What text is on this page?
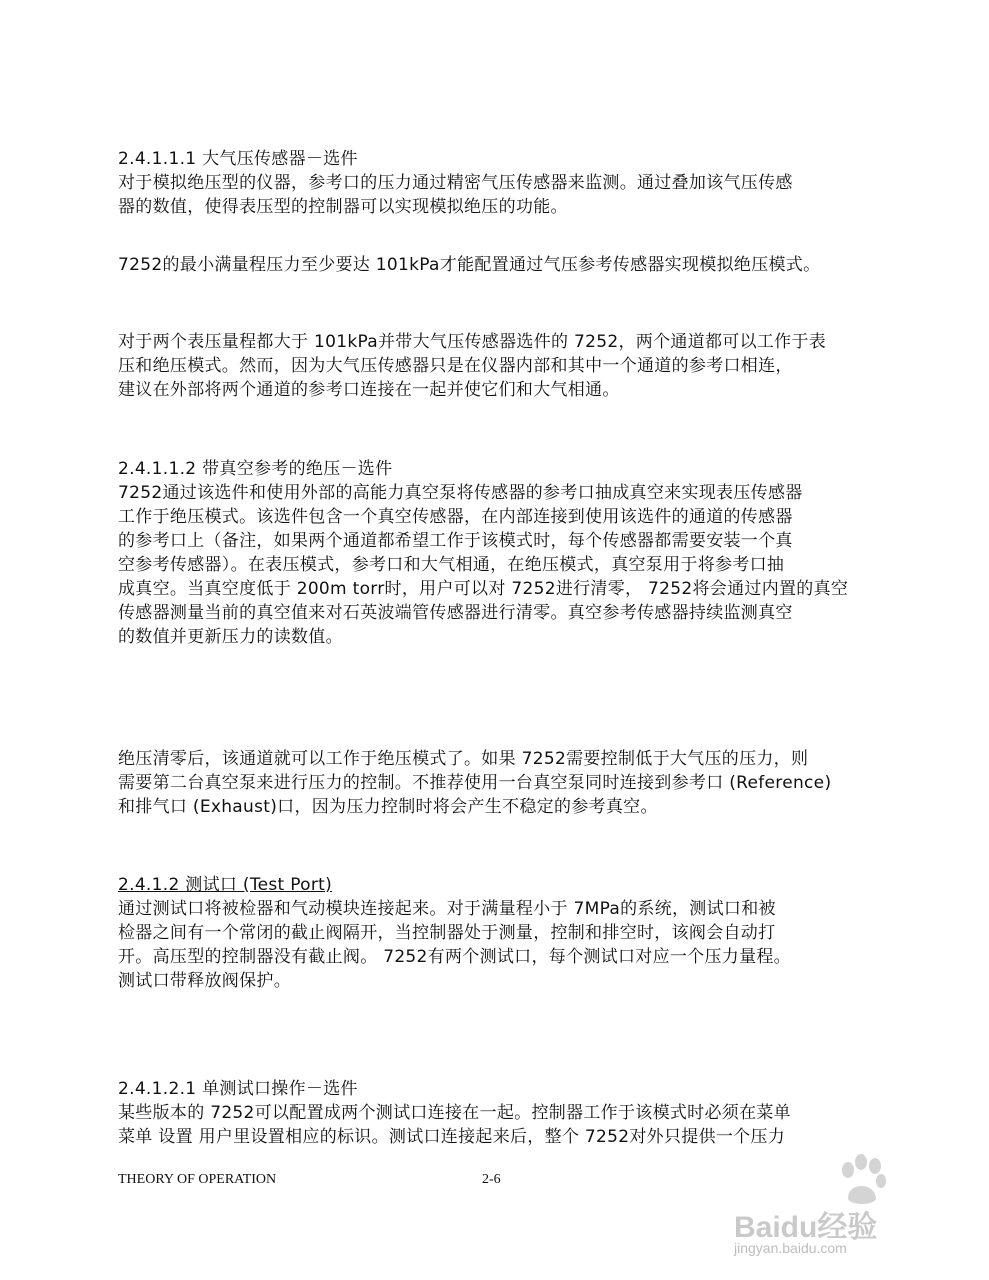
2.4.1.1.1 大气压传感器－选件
对于模拟绝压型的仪器，参考口的压力通过精密气压传感器来监测。通过叠加该气压传感
器的数值，使得表压型的控制器可以实现模拟绝压的功能。
7252的最小满量程压力至少要达 101kPa才能配置通过气压参考传感器实现模拟绝压模式。
对于两个表压量程都大于 101kPa并带大气压传感器选件的 7252，两个通道都可以工作于表
压和绝压模式。然而，因为大气压传感器只是在仪器内部和其中一个通道的参考口相连，
建议在外部将两个通道的参考口连接在一起并使它们和大气相通。
2.4.1.1.2 带真空参考的绝压－选件
7252通过该选件和使用外部的高能力真空泵将传感器的参考口抽成真空来实现表压传感器
工作于绝压模式。该选件包含一个真空传感器，在内部连接到使用该选件的通道的传感器
的参考口上（备注，如果两个通道都希望工作于该模式时，每个传感器都需要安装一个真
空参考传感器）。在表压模式，参考口和大气相通，在绝压模式，真空泵用于将参考口抽
成真空。当真空度低于 200m torr时，用户可以对 7252进行清零， 7252将会通过内置的真空
传感器测量当前的真空值来对石英波端管传感器进行清零。真空参考传感器持续监测真空
的数值并更新压力的读数值。
绝压清零后，该通道就可以工作于绝压模式了。如果 7252需要控制低于大气压的压力，则
需要第二台真空泵来进行压力的控制。不推荐使用一台真空泵同时连接到参考口 (Reference)
和排气口 (Exhaust)口，因为压力控制时将会产生不稳定的参考真空。
2.4.1.2 测试口 (Test Port)
通过测试口将被检器和气动模块连接起来。对于满量程小于 7MPa的系统，测试口和被
检器之间有一个常闭的截止阀隔开，当控制器处于测量，控制和排空时，该阀会自动打
开。高压型的控制器没有截止阀。 7252有两个测试口，每个测试口对应一个压力量程。
测试口带释放阀保护。
2.4.1.2.1 单测试口操作－选件
某些版本的 7252可以配置成两个测试口连接在一起。控制器工作于该模式时必须在菜单
菜单 设置 用户里设置相应的标识。测试口连接起来后，整个 7252对外只提供一个压力
THEORY OF OPERATION	2-6
Baidu经验
jingyan.baidu.com
